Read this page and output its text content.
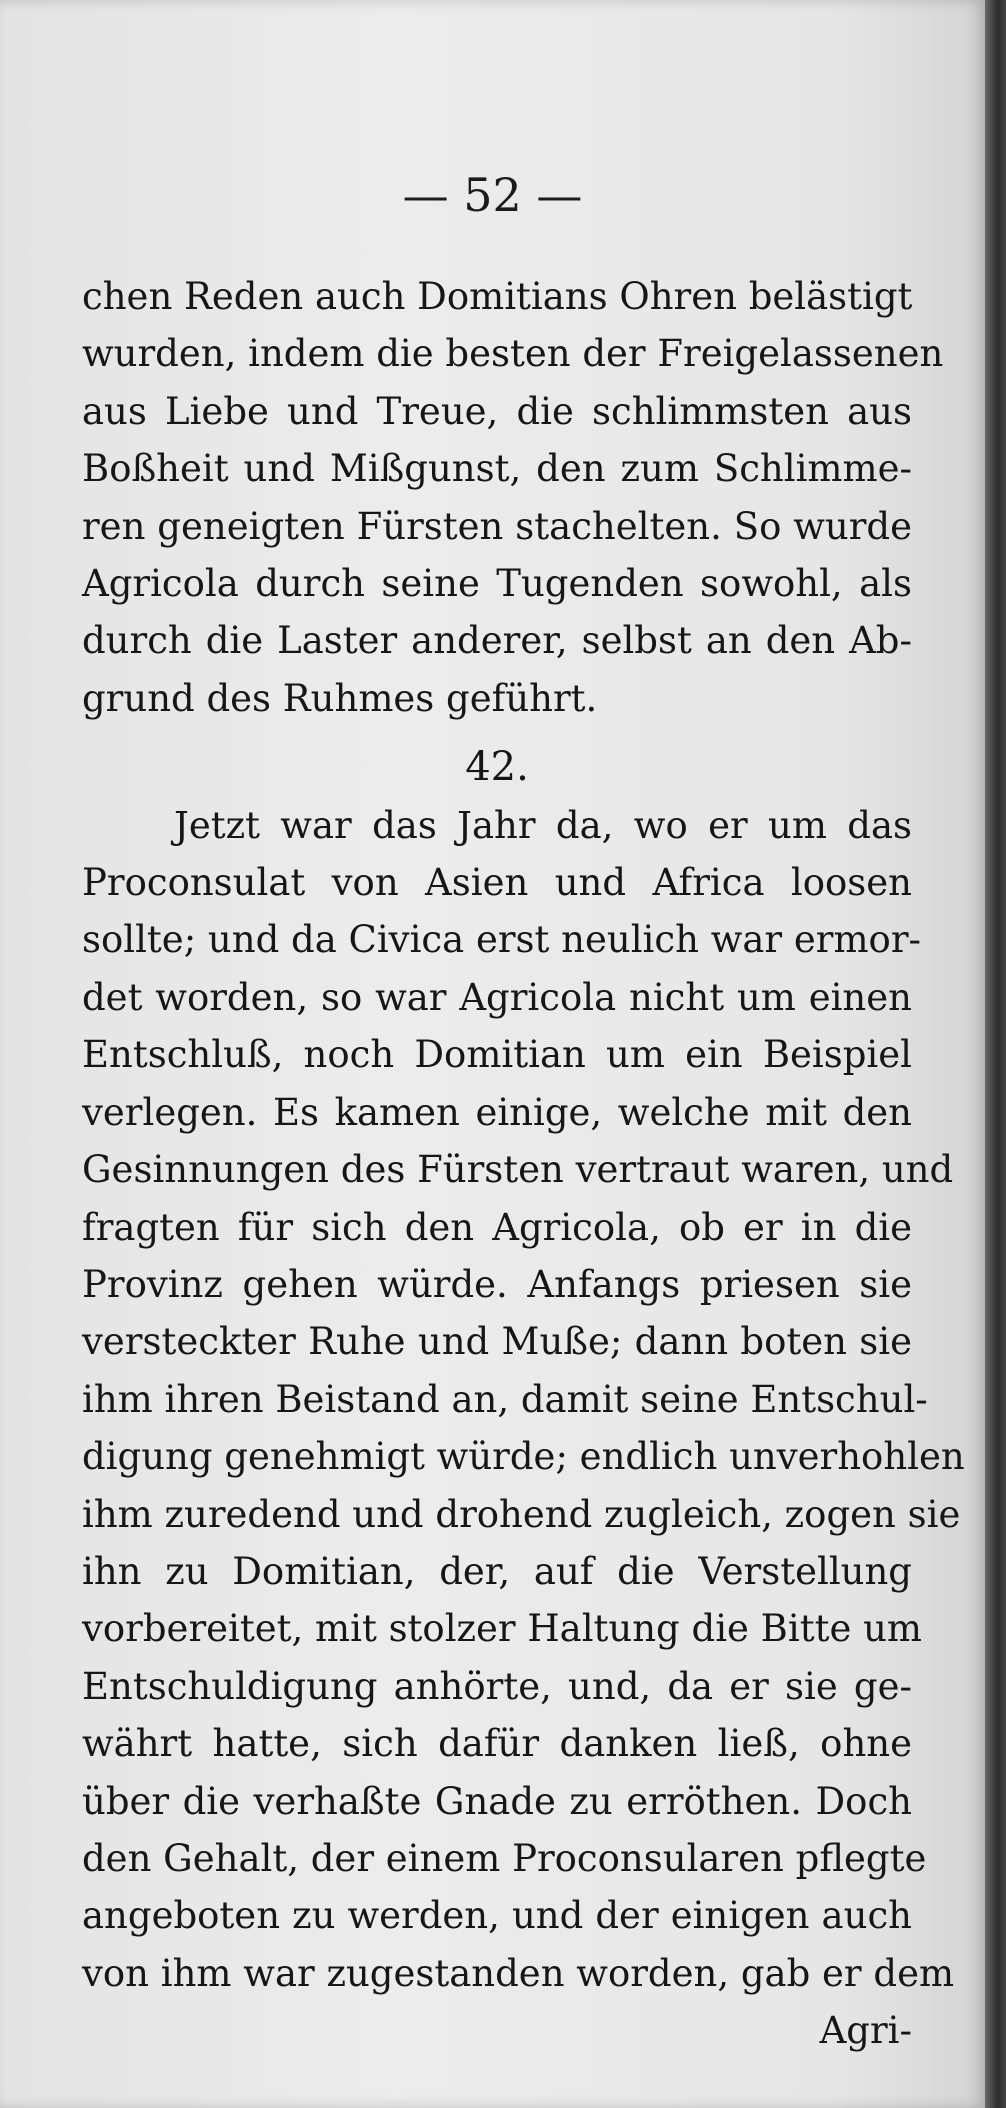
— 52 —
chen Reden auch Domitians Ohren belästigt
wurden, indem die besten der Freigelassenen
aus Liebe und Treue, die schlimmsten aus
Boßheit und Mißgunst, den zum Schlimme-
ren geneigten Fürsten stachelten. So wurde
Agricola durch seine Tugenden sowohl, als
durch die Laster anderer, selbst an den Ab-
grund des Ruhmes geführt.
42.
Jetzt war das Jahr da, wo er um das
Proconsulat von Asien und Africa loosen
sollte; und da Civica erst neulich war ermor-
det worden, so war Agricola nicht um einen
Entschluß, noch Domitian um ein Beispiel
verlegen. Es kamen einige, welche mit den
Gesinnungen des Fürsten vertraut waren, und
fragten für sich den Agricola, ob er in die
Provinz gehen würde. Anfangs priesen sie
versteckter Ruhe und Muße; dann boten sie
ihm ihren Beistand an, damit seine Entschul-
digung genehmigt würde; endlich unverhohlen
ihm zuredend und drohend zugleich, zogen sie
ihn zu Domitian, der, auf die Verstellung
vorbereitet, mit stolzer Haltung die Bitte um
Entschuldigung anhörte, und, da er sie ge-
währt hatte, sich dafür danken ließ, ohne
über die verhaßte Gnade zu erröthen. Doch
den Gehalt, der einem Proconsularen pflegte
angeboten zu werden, und der einigen auch
von ihm war zugestanden worden, gab er dem
Agri-
